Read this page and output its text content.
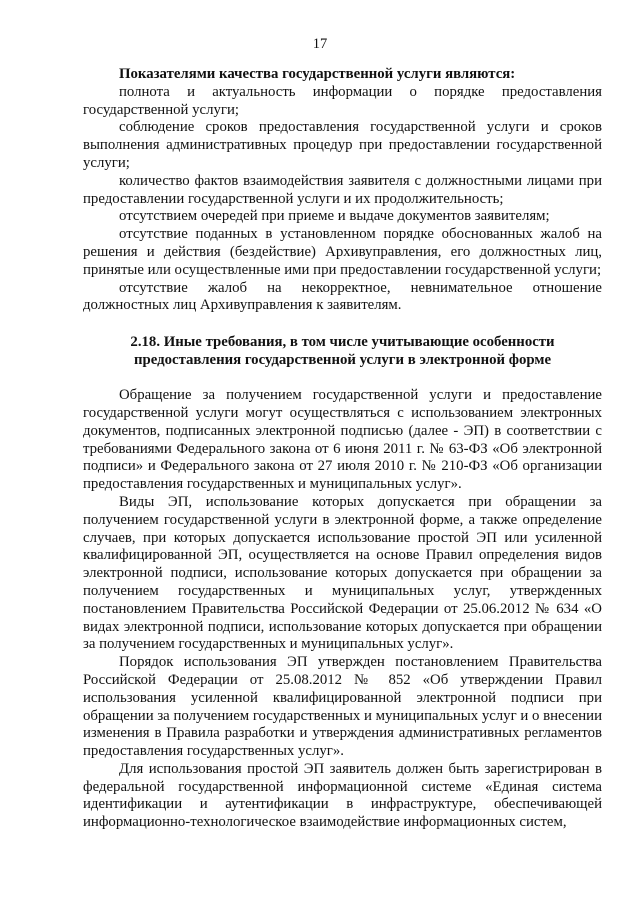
17

Показателями качества государственной услуги являются:

полнота и актуальность информации о порядке предоставления государственной услуги;

соблюдение сроков предоставления государственной услуги и сроков выполнения административных процедур при предоставлении государственной услуги;

количество фактов взаимодействия заявителя с должностными лицами при предоставлении государственной услуги и их продолжительность;

отсутствием очередей при приеме и выдаче документов заявителям;

отсутствие поданных в установленном порядке обоснованных жалоб на решения и действия (бездействие) Архивуправления, его должностных лиц, принятые или осуществленные ими при предоставлении государственной услуги;

отсутствие жалоб на некорректное, невнимательное отношение должностных лиц Архивуправления к заявителям.

2.18. Иные требования, в том числе учитывающие особенности
предоставления государственной услуги в электронной форме

Обращение за получением государственной услуги и предоставление государственной услуги могут осуществляться с использованием электронных документов, подписанных электронной подписью (далее - ЭП) в соответствии с требованиями Федерального закона от 6 июня 2011 г. № 63-ФЗ «Об электронной подписи» и Федерального закона от 27 июля 2010 г. № 210-ФЗ «Об организации предоставления государственных и муниципальных услуг».

Виды ЭП, использование которых допускается при обращении за получением государственной услуги в электронной форме, а также определение случаев, при которых допускается использование простой ЭП или усиленной квалифицированной ЭП, осуществляется на основе Правил определения видов электронной подписи, использование которых допускается при обращении за получением государственных и муниципальных услуг, утвержденных постановлением Правительства Российской Федерации от 25.06.2012 № 634 «О видах электронной подписи, использование которых допускается при обращении за получением государственных и муниципальных услуг».

Порядок использования ЭП утвержден постановлением Правительства Российской Федерации от 25.08.2012 № 852 «Об утверждении Правил использования усиленной квалифицированной электронной подписи при обращении за получением государственных и муниципальных услуг и о внесении изменения в Правила разработки и утверждения административных регламентов предоставления государственных услуг».

Для использования простой ЭП заявитель должен быть зарегистрирован в федеральной государственной информационной системе «Единая система идентификации и аутентификации в инфраструктуре, обеспечивающей информационно-технологическое взаимодействие информационных систем,
